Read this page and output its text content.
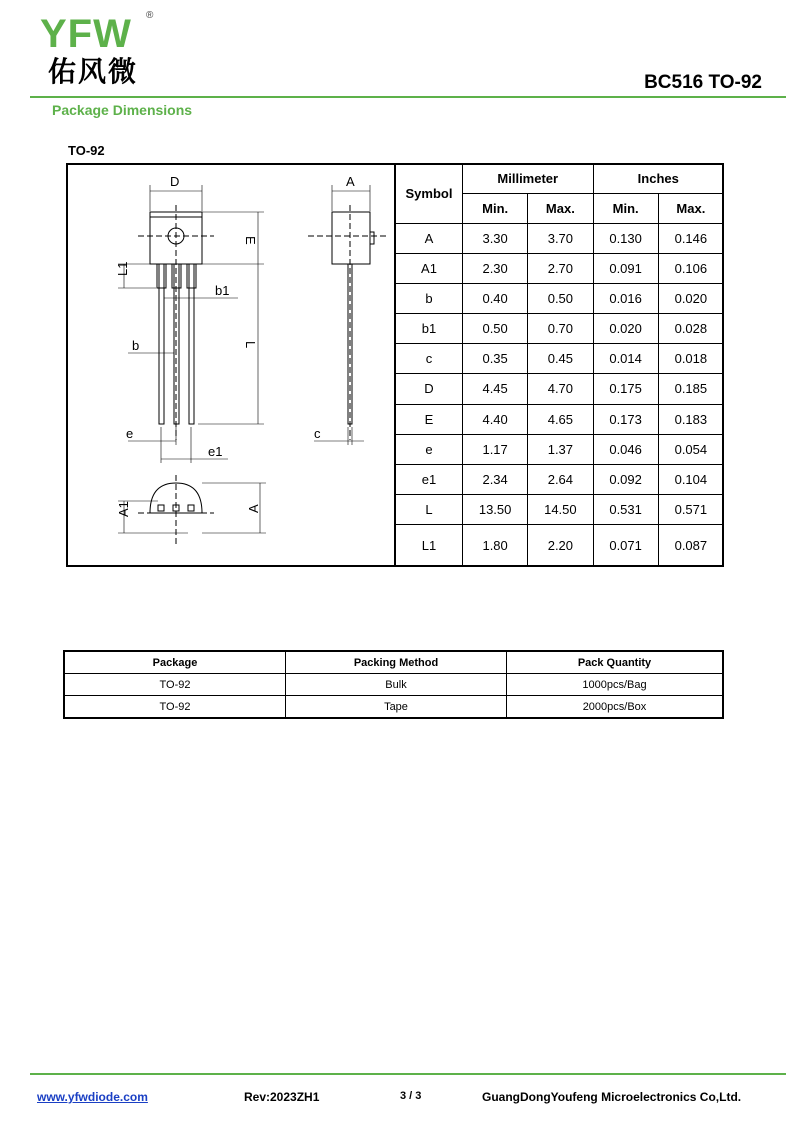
YFW ®
佑风微	BC516 TO-92
Package Dimensions
TO-92
D	A
E
L1
b1
b	L
e
e1
c
A1	A
Symbol	Millimeter		Inches	
	Min.	Max.	Min.	Max.
A	3.30	3.70	0.130	0.146
A1	2.30	2.70	0.091	0.106
b	0.40	0.50	0.016	0.020
b1	0.50	0.70	0.020	0.028
c	0.35	0.45	0.014	0.018
D	4.45	4.70	0.175	0.185
E	4.40	4.65	0.173	0.183
e	1.17	1.37	0.046	0.054
e1	2.34	2.64	0.092	0.104
L	13.50	14.50	0.531	0.571
L1	1.80	2.20	0.071	0.087
Package	Packing Method	Pack Quantity
TO-92	Bulk	1000pcs/Bag
TO-92	Tape	2000pcs/Box
www.yfwdiode.com	Rev:2023ZH1	3 / 3	GuangDongYoufeng Microelectronics Co,Ltd.
